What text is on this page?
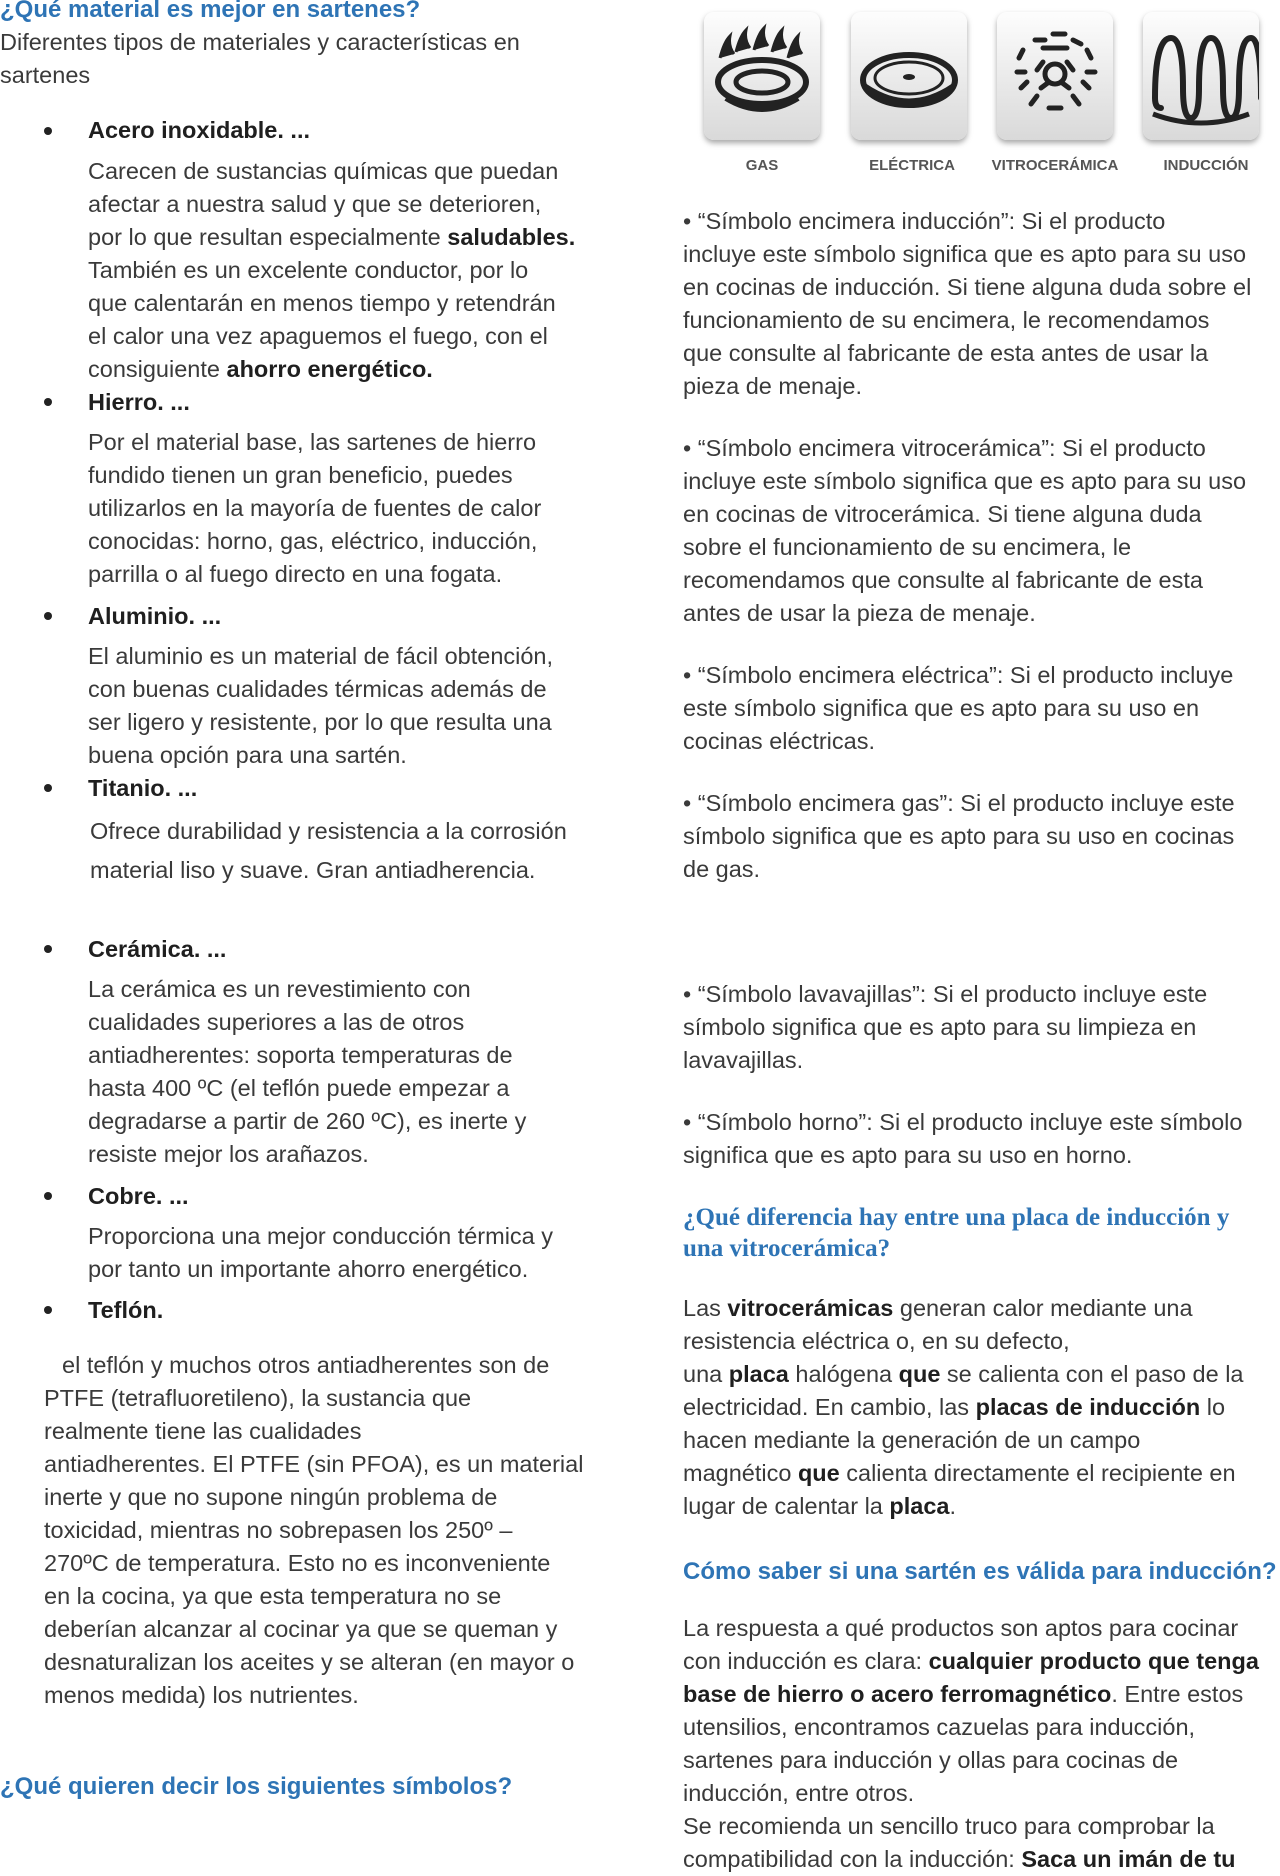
¿Qué material es mejor en sartenes?
Diferentes tipos de materiales y características en
sartenes
Acero inoxidable. ...
Carecen de sustancias químicas que puedan
afectar a nuestra salud y que se deterioren,
por lo que resultan especialmente saludables.
También es un excelente conductor, por lo
que calentarán en menos tiempo y retendrán
el calor una vez apaguemos el fuego, con el
consiguiente ahorro energético.
Hierro. ...
Por el material base, las sartenes de hierro
fundido tienen un gran beneficio, puedes
utilizarlos en la mayoría de fuentes de calor
conocidas: horno, gas, eléctrico, inducción,
parrilla o al fuego directo en una fogata.
Aluminio. ...
El aluminio es un material de fácil obtención,
con buenas cualidades térmicas además de
ser ligero y resistente, por lo que resulta una
buena opción para una sartén.
Titanio. ...
Ofrece durabilidad y resistencia a la corrosión
material liso y suave. Gran antiadherencia.
Cerámica. ...
La cerámica es un revestimiento con
cualidades superiores a las de otros
antiadherentes: soporta temperaturas de
hasta 400 ºC (el teflón puede empezar a
degradarse a partir de 260 ºC), es inerte y
resiste mejor los arañazos.
Cobre. ...
Proporciona una mejor conducción térmica y
por tanto un importante ahorro energético.
Teflón.
el teflón y muchos otros antiadherentes son de
PTFE (tetrafluoretileno), la sustancia que
realmente tiene las cualidades
antiadherentes. El PTFE (sin PFOA), es un material
inerte y que no supone ningún problema de
toxicidad, mientras no sobrepasen los 250º –
270ºC de temperatura. Esto no es inconveniente
en la cocina, ya que esta temperatura no se
deberían alcanzar al cocinar ya que se queman y
desnaturalizan los aceites y se alteran (en mayor o
menos medida) los nutrientes.
¿Qué quieren decir los siguientes símbolos?
GAS	ELÉCTRICA	VITROCERÁMICA	INDUCCIÓN
• “Símbolo encimera inducción”: Si el producto
incluye este símbolo significa que es apto para su uso
en cocinas de inducción. Si tiene alguna duda sobre el
funcionamiento de su encimera, le recomendamos
que consulte al fabricante de esta antes de usar la
pieza de menaje.
• “Símbolo encimera vitrocerámica”: Si el producto
incluye este símbolo significa que es apto para su uso
en cocinas de vitrocerámica. Si tiene alguna duda
sobre el funcionamiento de su encimera, le
recomendamos que consulte al fabricante de esta
antes de usar la pieza de menaje.
• “Símbolo encimera eléctrica”: Si el producto incluye
este símbolo significa que es apto para su uso en
cocinas eléctricas.
• “Símbolo encimera gas”: Si el producto incluye este
símbolo significa que es apto para su uso en cocinas
de gas.
• “Símbolo lavavajillas”: Si el producto incluye este
símbolo significa que es apto para su limpieza en
lavavajillas.
• “Símbolo horno”: Si el producto incluye este símbolo
significa que es apto para su uso en horno.
¿Qué diferencia hay entre una placa de inducción y
una vitrocerámica?
Las vitrocerámicas generan calor mediante una
resistencia eléctrica o, en su defecto,
una placa halógena que se calienta con el paso de la
electricidad. En cambio, las placas de inducción lo
hacen mediante la generación de un campo
magnético que calienta directamente el recipiente en
lugar de calentar la placa.
Cómo saber si una sartén es válida para inducción?
La respuesta a qué productos son aptos para cocinar
con inducción es clara: cualquier producto que tenga
base de hierro o acero ferromagnético. Entre estos
utensilios, encontramos cazuelas para inducción,
sartenes para inducción y ollas para cocinas de
inducción, entre otros.
Se recomienda un sencillo truco para comprobar la
compatibilidad con la inducción: Saca un imán de tu
